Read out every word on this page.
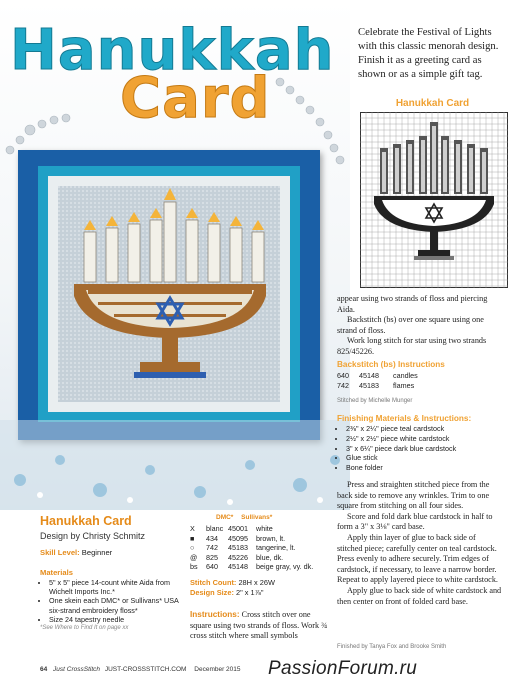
Hanukkah
Card
Celebrate the Festival of Lights with this classic menorah design. Finish it as a greeting card as shown or as a simple gift tag.
Hanukkah Card
appear using two strands of floss and piercing Aida.
Backstitch (bs) over one square using one strand of floss.
Work long stitch for star using two strands 825/45226.
Backstitch (bs) Instructions
640	45148	candles
742	45183	flames
Stitched by Michelle Munger
Finishing Materials & Instructions:
• 2⅜" x 2¼" piece teal cardstock
• 2½" x 2½" piece white cardstock
• 3" x 6¼" piece dark blue cardstock
• Glue stick
• Bone folder
Press and straighten stitched piece from the back side to remove any wrinkles. Trim to one square from stitching on all four sides.
Score and fold dark blue cardstock in half to form a 3" x 3⅛" card base.
Apply thin layer of glue to back side of stitched piece; carefully center on teal cardstock. Press evenly to adhere securely. Trim edges of cardstock, if necessary, to leave a narrow border. Repeat to apply layered piece to white cardstock.
Apply glue to back side of white cardstock and then center on front of folded card base.
Finished by Tanya Fox and Brooke Smith
Hanukkah Card
Design by Christy Schmitz
Skill Level: Beginner
Materials
• 5" x 5" piece 14-count white Aida from Wichelt Imports Inc.*
• One skein each DMC* or Sullivans* USA six-strand embroidery floss*
• Size 24 tapestry needle
*See Where to Find It on page xx
DMC* Sullivans*
X	blanc 45001	white
■	434	45095	brown, lt.
○	742	45183	tangerine, lt.
@	825	45226	blue, dk.
bs	640	45148	beige gray, vy. dk.
Stitch Count: 28H x 26W
Design Size: 2" x 1⅞"
Instructions: Cross stitch over one square using two strands of floss. Work ¾ cross stitch where small symbols
64 Just CrossStitch JUST-CROSSSTITCH.COM December 2015 PassionForum.ru
